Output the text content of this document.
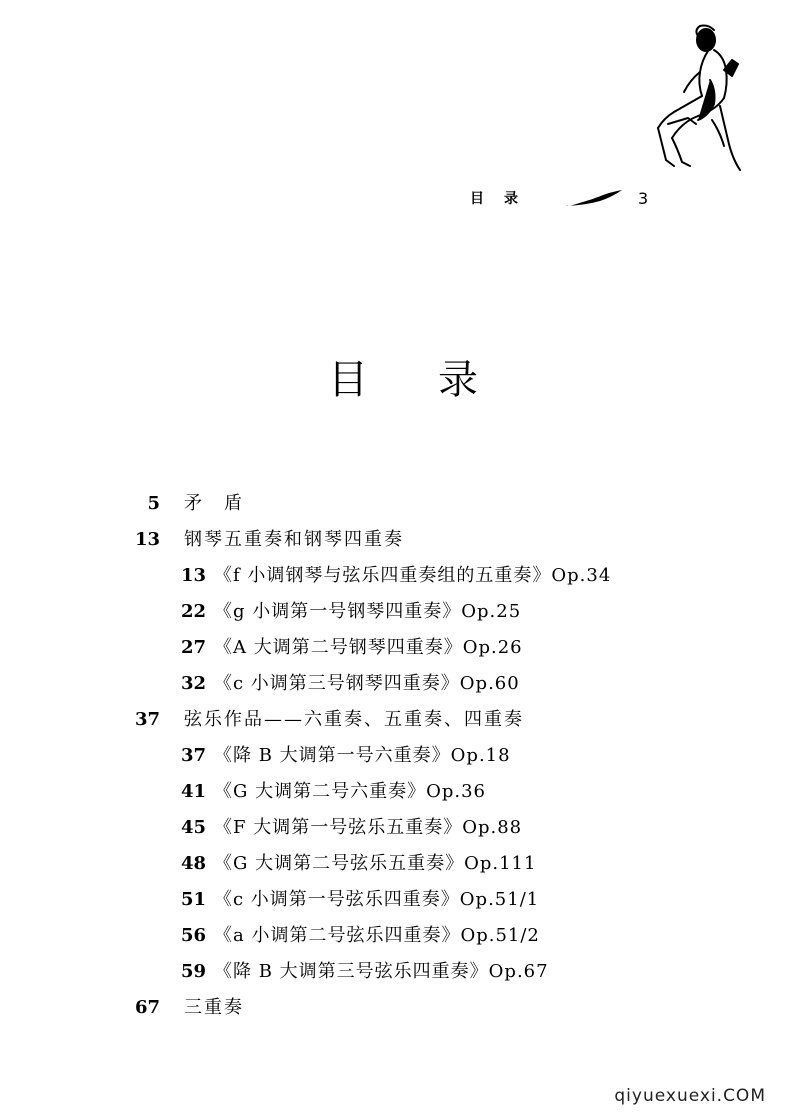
目录	3
目录
5 矛　盾
13 钢琴五重奏和钢琴四重奏
13 《f 小调钢琴与弦乐四重奏组的五重奏》Op.34
22 《g 小调第一号钢琴四重奏》Op.25
27 《A 大调第二号钢琴四重奏》Op.26
32 《c 小调第三号钢琴四重奏》Op.60
37 弦乐作品——六重奏、五重奏、四重奏
37 《降 B 大调第一号六重奏》Op.18
41 《G 大调第二号六重奏》Op.36
45 《F 大调第一号弦乐五重奏》Op.88
48 《G 大调第二号弦乐五重奏》Op.111
51 《c 小调第一号弦乐四重奏》Op.51/1
56 《a 小调第二号弦乐四重奏》Op.51/2
59 《降 B 大调第三号弦乐四重奏》Op.67
67 三重奏
qiyuexuexi.COM
